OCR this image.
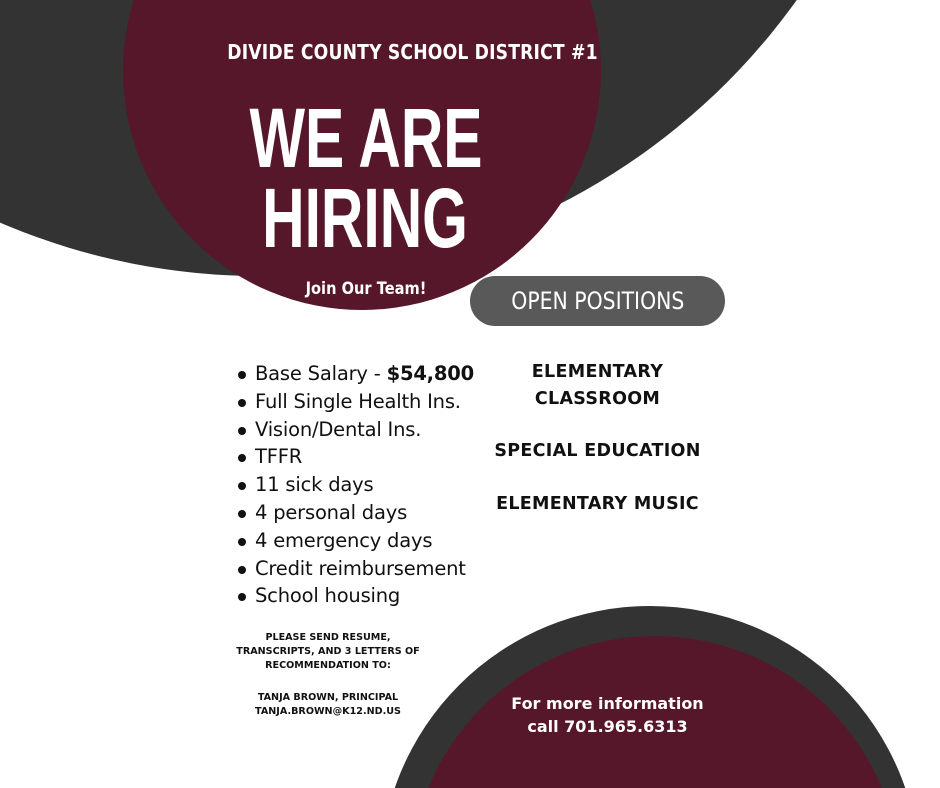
DIVIDE COUNTY SCHOOL DISTRICT #1
WE ARE
HIRING
Join Our Team!	OPEN POSITIONS
Base Salary - $54,800
Full Single Health Ins.
Vision/Dental Ins.
TFFR
11 sick days
4 personal days
4 emergency days
Credit reimbursement
School housing
ELEMENTARY
CLASSROOM
SPECIAL EDUCATION
ELEMENTARY MUSIC
PLEASE SEND RESUME,
TRANSCRIPTS, AND 3 LETTERS OF
RECOMMENDATION TO:
TANJA BROWN, PRINCIPAL
TANJA.BROWN@K12.ND.US	For more information
call 701.965.6313
